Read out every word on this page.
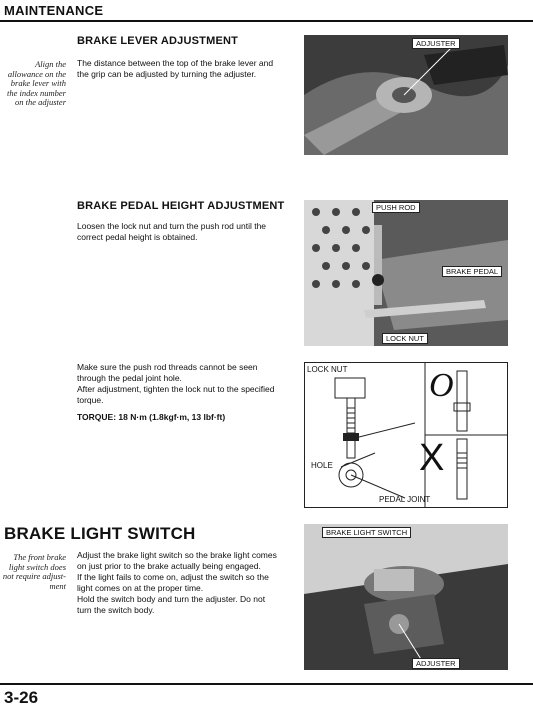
MAINTENANCE
Align the
allowance on the
brake lever with
the index number
on the adjuster
BRAKE LEVER ADJUSTMENT
The distance between the top of the brake lever and
the grip can be adjusted by turning the adjuster.
ADJUSTER
BRAKE PEDAL HEIGHT ADJUSTMENT
Loosen the lock nut and turn the push rod until the
correct pedal height is obtained.
PUSH ROD
BRAKE PEDAL
LOCK NUT
Make sure the push rod threads cannot be seen
through the pedal joint hole.
After adjustment, tighten the lock nut to the specified
torque.
TORQUE: 18 N·m (1.8kgf·m, 13 lbf·ft)
LOCK NUT
HOLE
PEDAL JOINT
O
X
BRAKE LIGHT SWITCH
The front brake
light switch does
not require adjust-
ment
Adjust the brake light switch so the brake light comes
on just prior to the brake actually being engaged.
If the light fails to come on, adjust the switch so the
light comes on at the proper time.
Hold the switch body and turn the adjuster. Do not
turn the switch body.
BRAKE LIGHT SWITCH
ADJUSTER
3-26
